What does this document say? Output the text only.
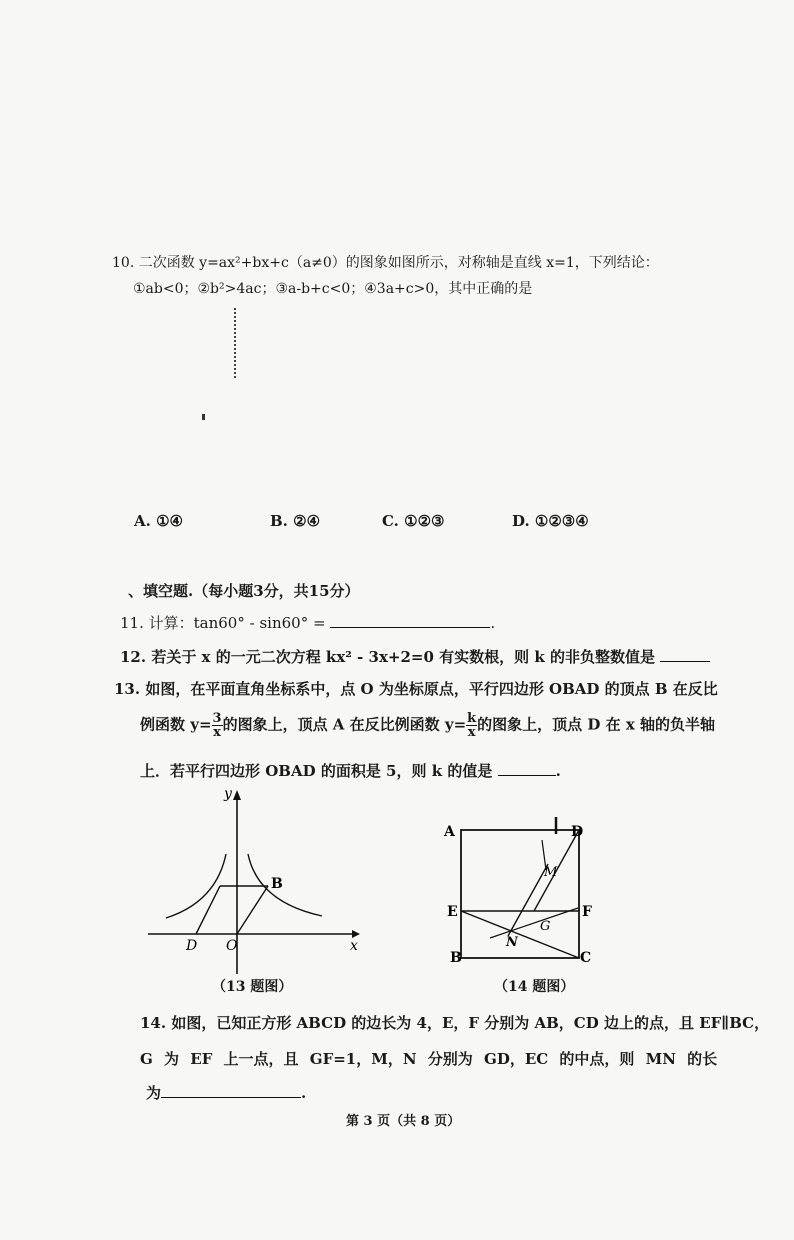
10. 二次函数 y=ax²+bx+c（a≠0）的图象如图所示，对称轴是直线 x=1，下列结论：
①ab<0；②b²>4ac；③a-b+c<0；④3a+c>0，其中正确的是
A. ①④	B. ②④	C. ①②③	D. ①②③④
、填空题.（每小题3分，共15分）
11. 计算：tan60° - sin60° =	.
12. 若关于 x 的一元二次方程 kx² - 3x+2=0 有实数根，则 k 的非负整数值是
13. 如图，在平面直角坐标系中，点 O 为坐标原点，平行四边形 OBAD 的顶点 B 在反比
例函数 $y= \frac{3}{x}$ 的图象上，顶点 A 在反比例函数 $y= \frac{k}{x}$ 的图象上，顶点 D 在 x 轴的负半轴
上．若平行四边形 OBAD 的面积是 5，则 k 的值是	.
y
x
B
D O
（13 题图）
A	D
E	F
B	C
M
N
G
（14 题图）
14. 如图，已知正方形 ABCD 的边长为 4，E，F 分别为 AB，CD 边上的点，且 EF∥BC，
G 为 EF 上一点，且 GF=1，M，N 分别为 GD，EC 的中点，则 MN 的长
为	.
第 3 页（共 8 页）
